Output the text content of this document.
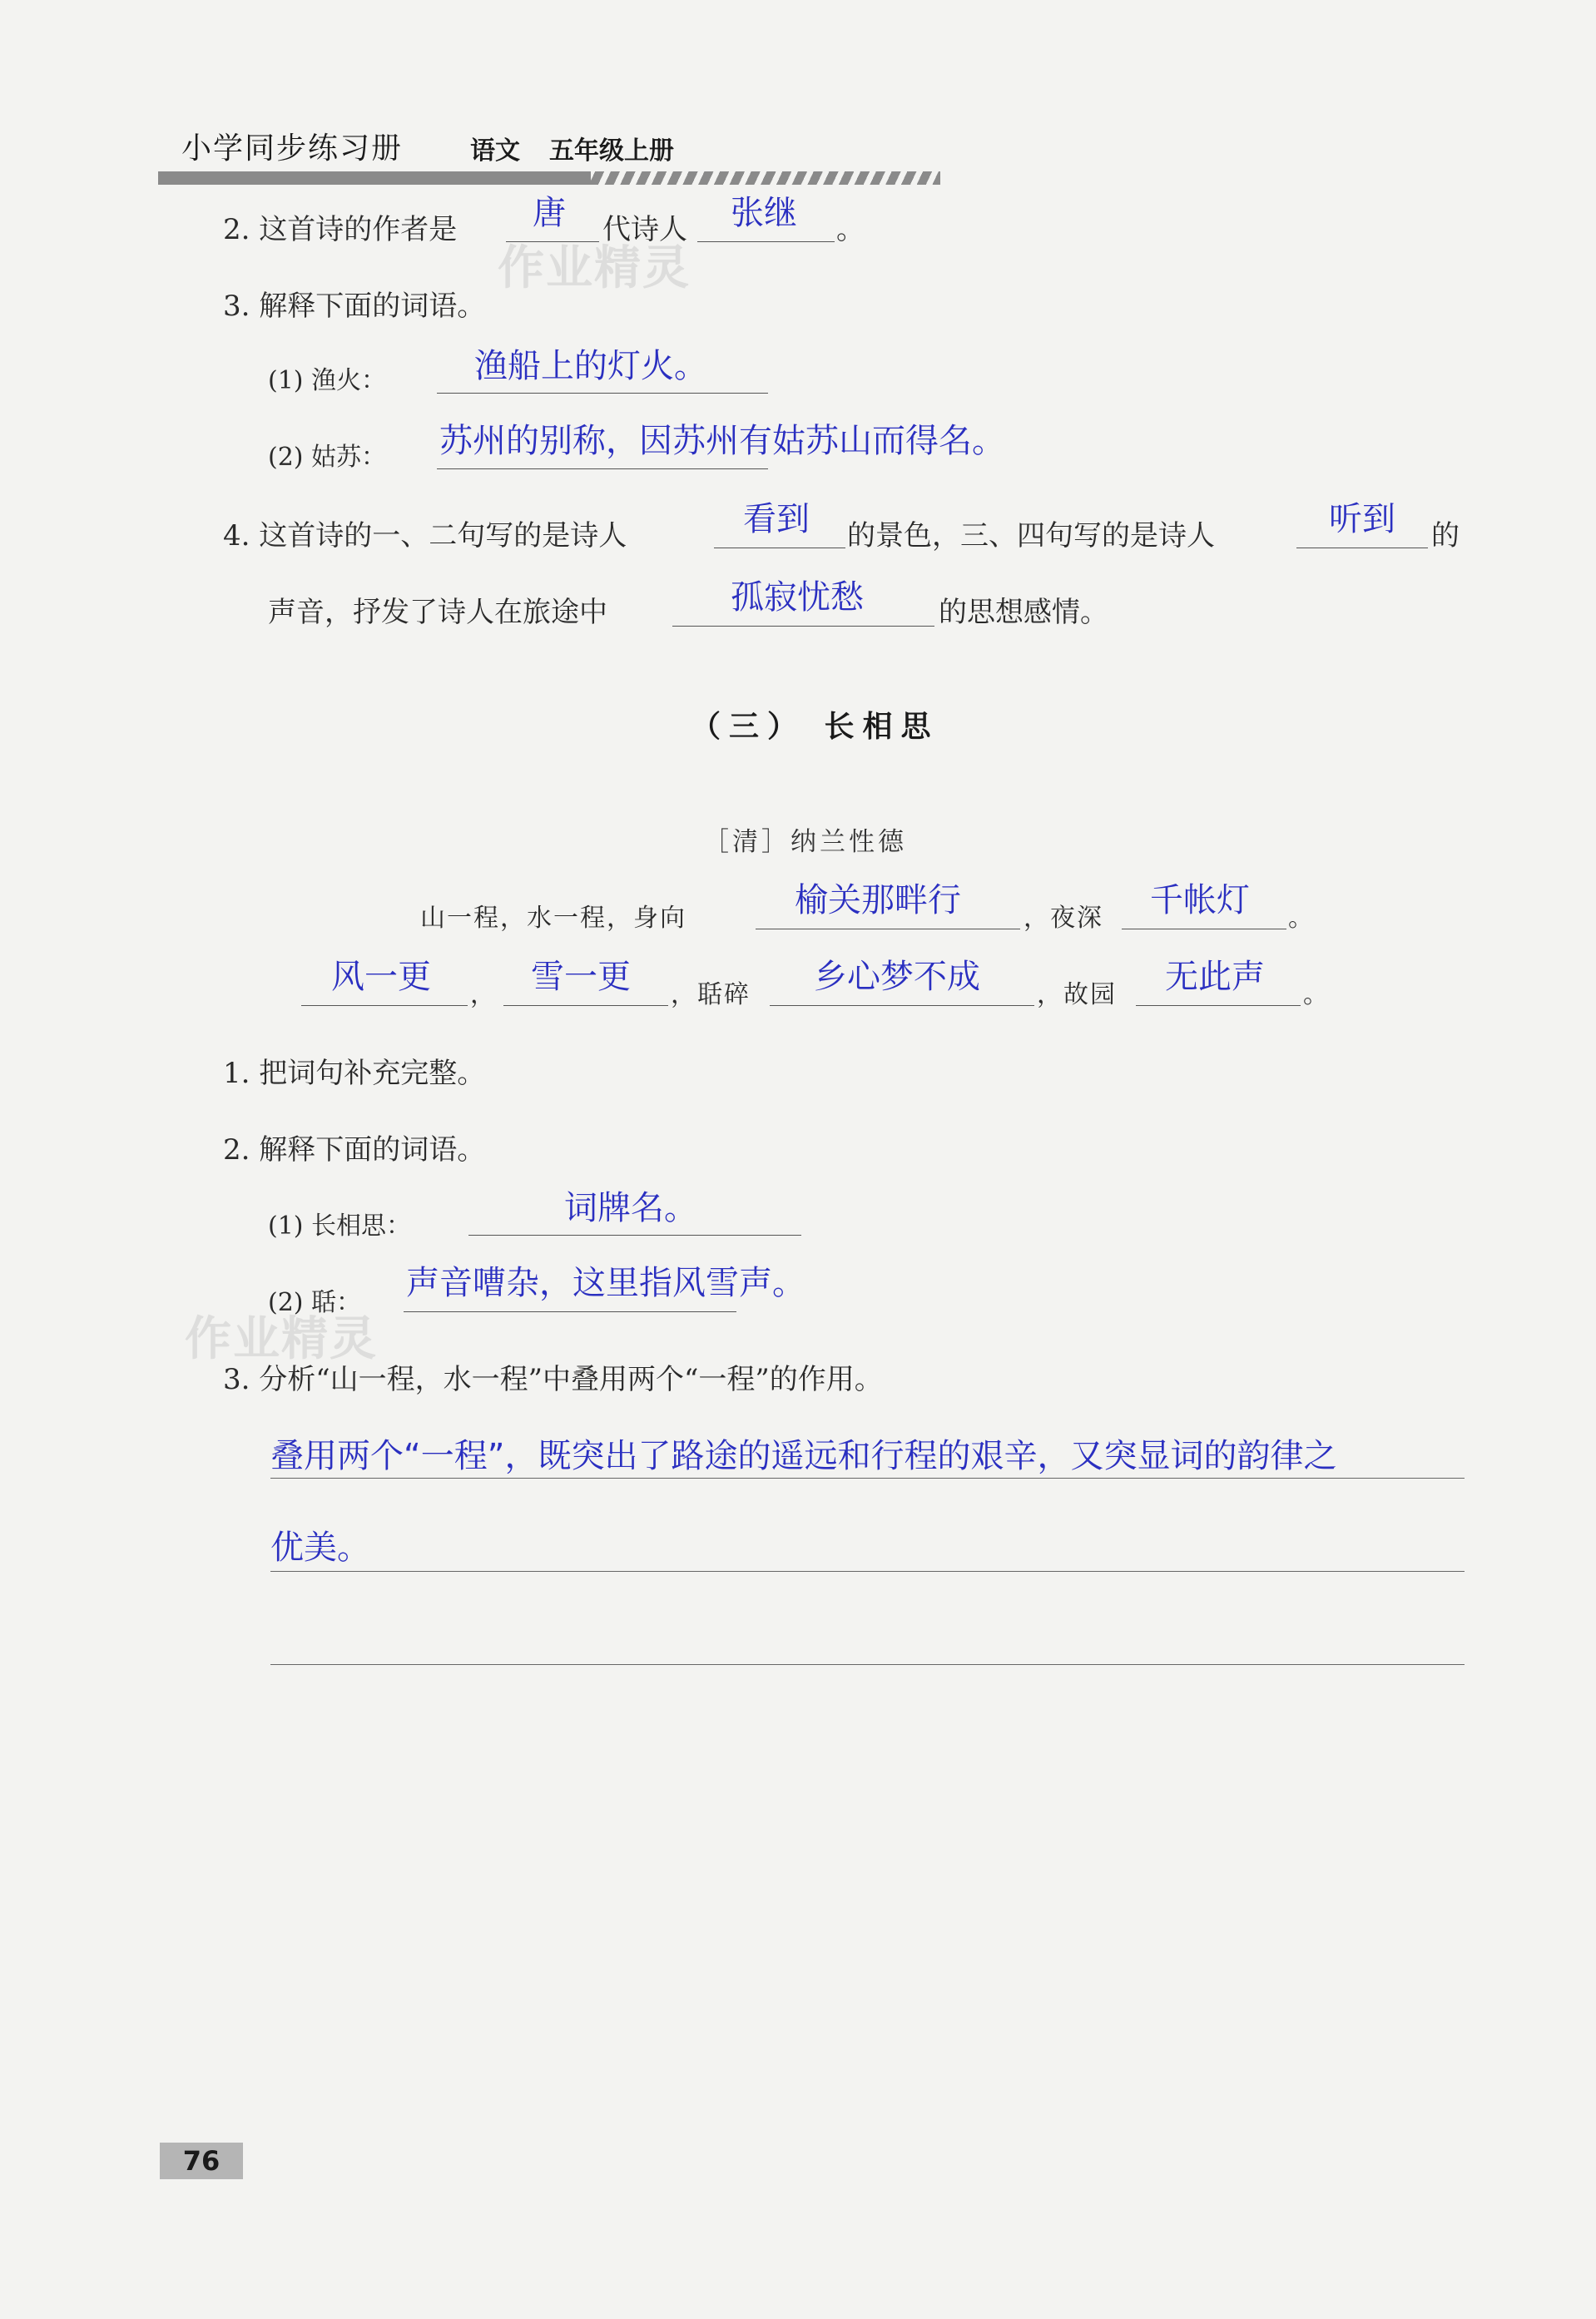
小学同步练习册	语文 五年级上册
作业精灵
作业精灵
2. 这首诗的作者是 唐 代诗人 张继 。
3. 解释下面的词语。
(1) 渔火：	渔船上的灯火。
(2) 姑苏： 苏州的别称，因苏州有姑苏山而得名。
4. 这首诗的一、二句写的是诗人	看到 的景色，三、四句写的是诗人	听到 的
声音，抒发了诗人在旅途中	孤寂忧愁	的思想感情。
（三） 长相思
［清］纳兰性德
山一程，水一程，身向	榆关那畔行	，夜深 千帐灯 。
风一更 ， 雪一更 ，聒碎 乡心梦不成 ，故园 无此声 。
1. 把词句补充完整。
2. 解释下面的词语。
(1) 长相思：	词牌名。
(2) 聒：
声音嘈杂，这里指风雪声。
3. 分析“山一程，水一程”中叠用两个“一程”的作用。
叠用两个“一程”，既突出了路途的遥远和行程的艰辛，又突显词的韵律之
优美。
76
